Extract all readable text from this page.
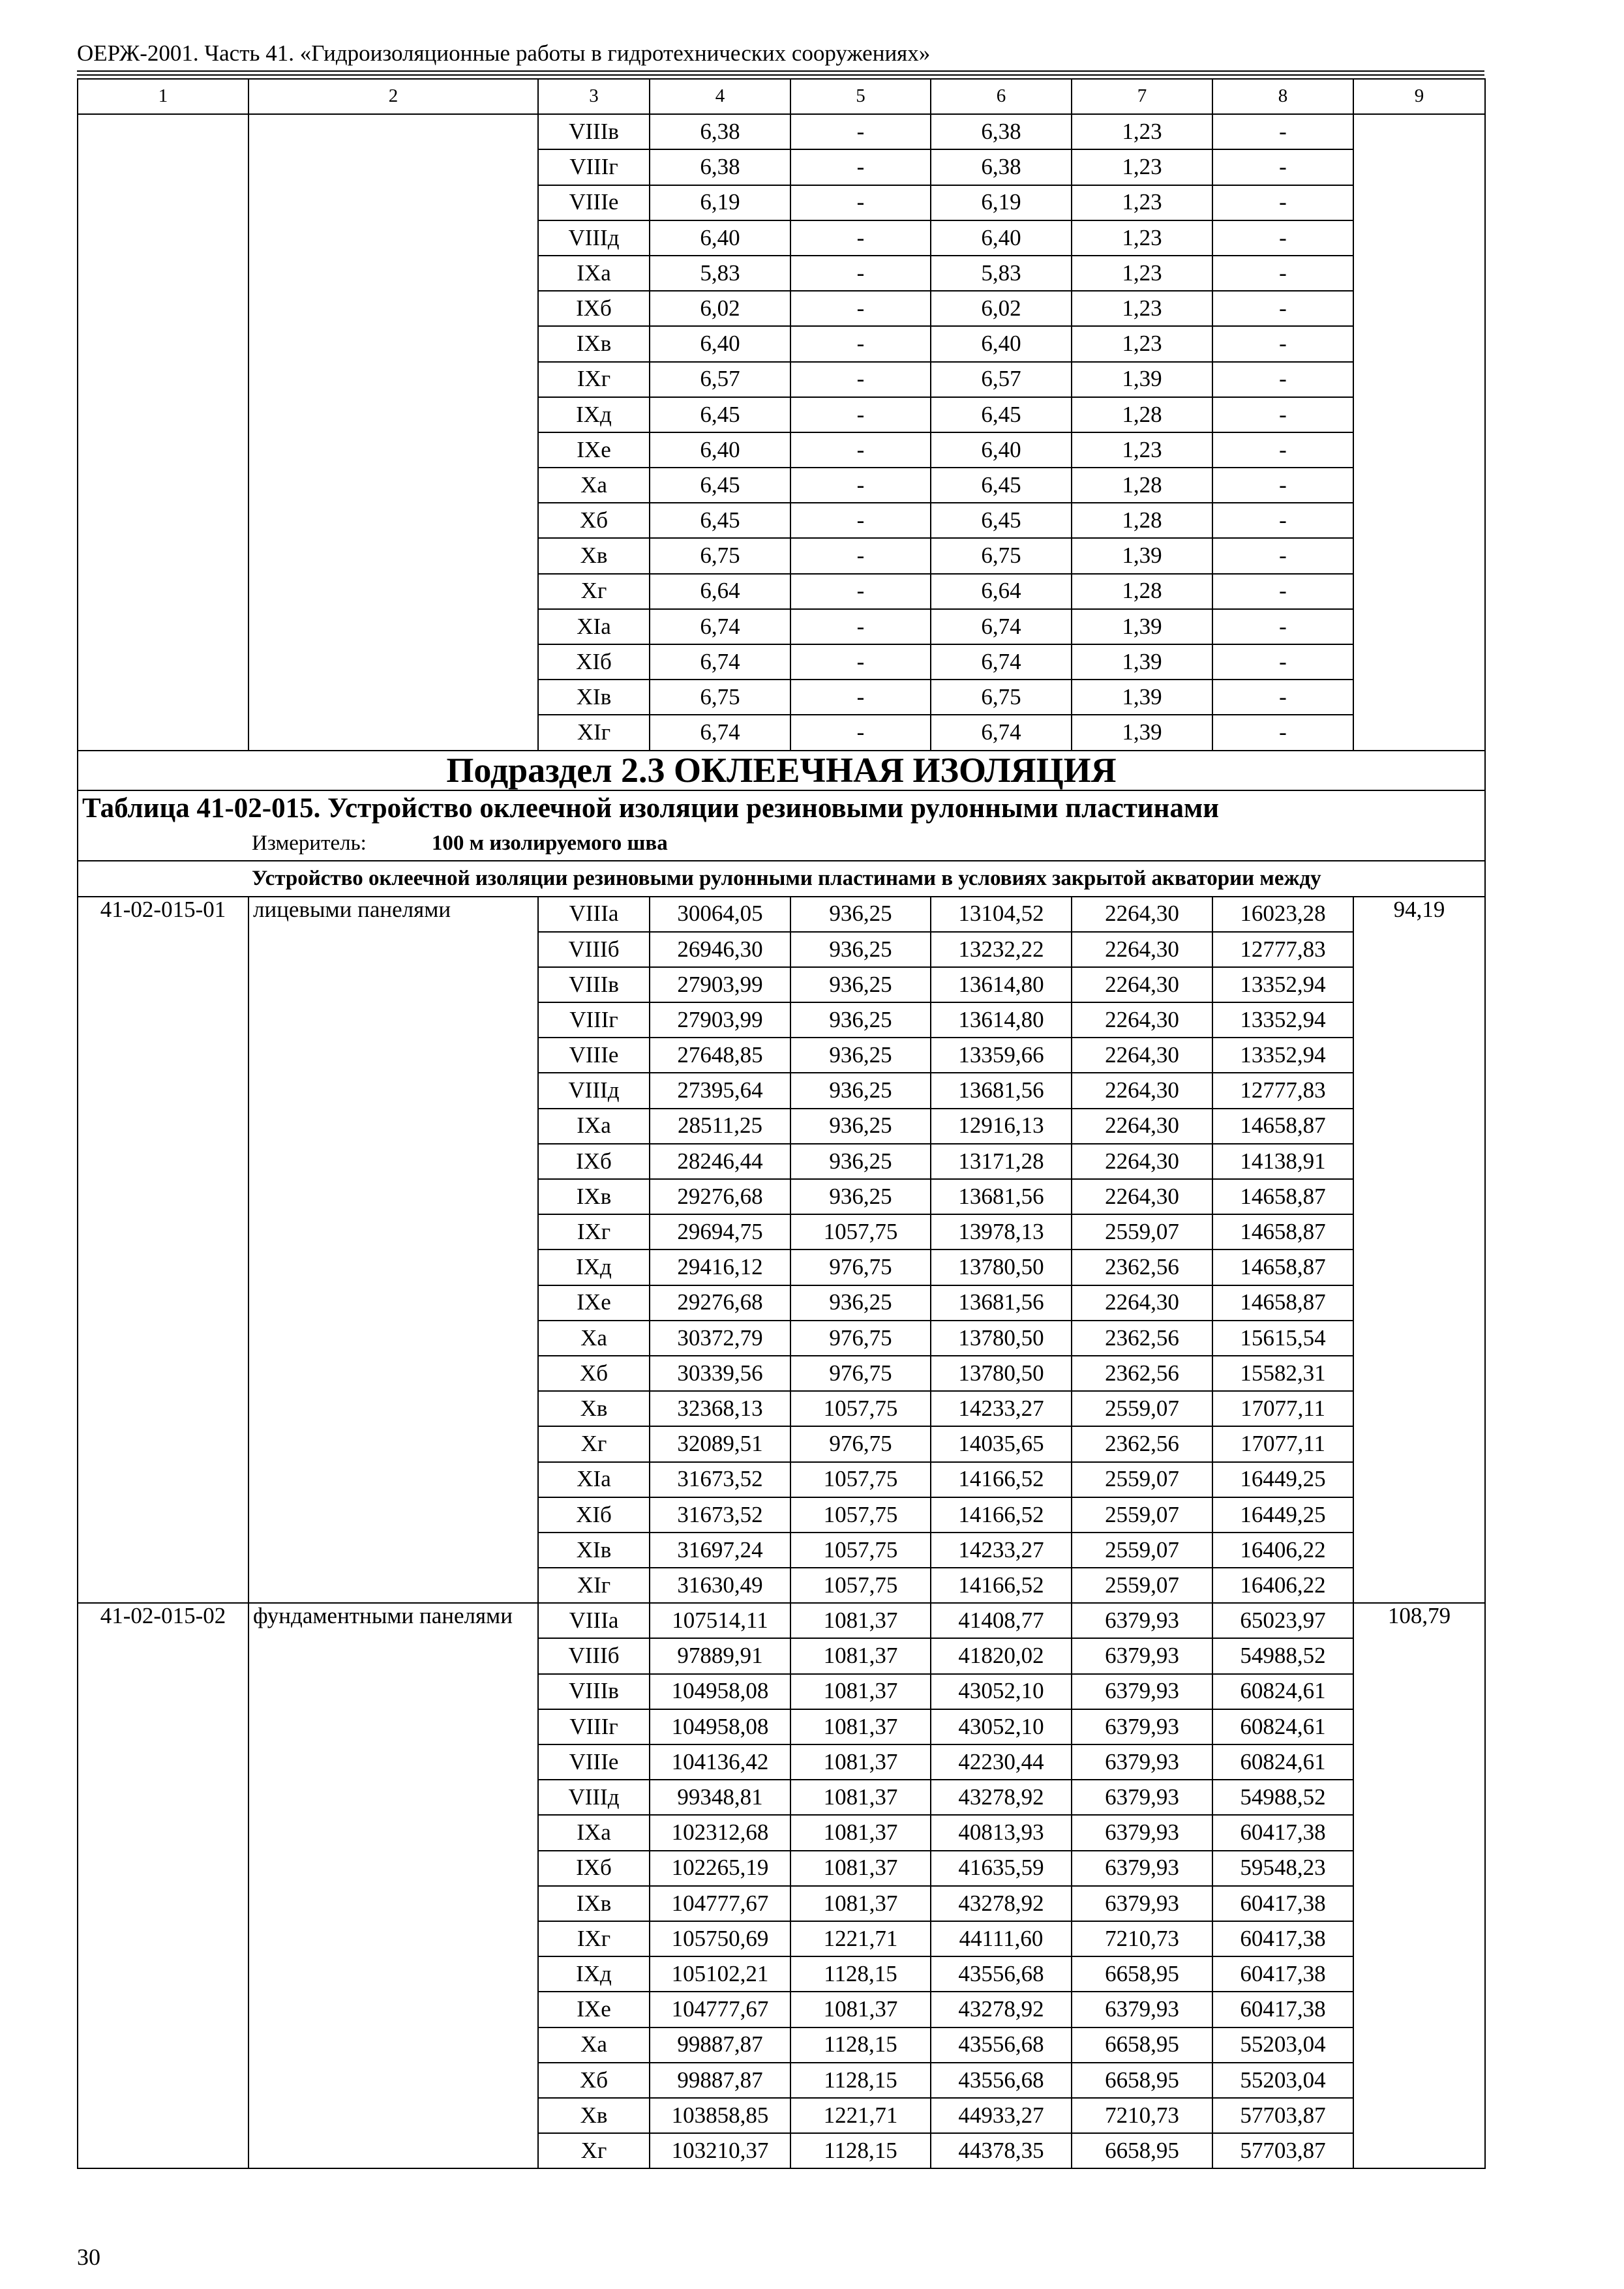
ОЕРЖ-2001. Часть 41. «Гидроизоляционные работы в гидротехнических сооружениях»
1	2	3	4	5	6	7	8	9
		VIIIв	6,38	-	6,38	1,23	-	
		VIIIг	6,38	-	6,38	1,23	-	
		VIIIе	6,19	-	6,19	1,23	-	
		VIIIд	6,40	-	6,40	1,23	-	
		IXа	5,83	-	5,83	1,23	-	
		IXб	6,02	-	6,02	1,23	-	
		IXв	6,40	-	6,40	1,23	-	
		IXг	6,57	-	6,57	1,39	-	
		IXд	6,45	-	6,45	1,28	-	
		IXе	6,40	-	6,40	1,23	-	
		Xа	6,45	-	6,45	1,28	-	
		Xб	6,45	-	6,45	1,28	-	
		Xв	6,75	-	6,75	1,39	-	
		Xг	6,64	-	6,64	1,28	-	
		XIа	6,74	-	6,74	1,39	-	
		XIб	6,74	-	6,74	1,39	-	
		XIв	6,75	-	6,75	1,39	-	
		XIг	6,74	-	6,74	1,39	-	
Подраздел 2.3 ОКЛЕЕЧНАЯ ИЗОЛЯЦИЯ								
Таблица 41-02-015. Устройство оклеечной изоляции резиновыми рулонными пластинами								
Измеритель: 100 м изолируемого шва								
Устройство оклеечной изоляции резиновыми рулонными пластинами в условиях закрытой акватории между								
41-02-015-01	лицевыми панелями	VIIIа	30064,05	936,25	13104,52	2264,30	16023,28	94,19
		VIIIб	26946,30	936,25	13232,22	2264,30	12777,83	
		VIIIв	27903,99	936,25	13614,80	2264,30	13352,94	
		VIIIг	27903,99	936,25	13614,80	2264,30	13352,94	
		VIIIе	27648,85	936,25	13359,66	2264,30	13352,94	
		VIIIд	27395,64	936,25	13681,56	2264,30	12777,83	
		IXа	28511,25	936,25	12916,13	2264,30	14658,87	
		IXб	28246,44	936,25	13171,28	2264,30	14138,91	
		IXв	29276,68	936,25	13681,56	2264,30	14658,87	
		IXг	29694,75	1057,75	13978,13	2559,07	14658,87	
		IXд	29416,12	976,75	13780,50	2362,56	14658,87	
		IXе	29276,68	936,25	13681,56	2264,30	14658,87	
		Xа	30372,79	976,75	13780,50	2362,56	15615,54	
		Xб	30339,56	976,75	13780,50	2362,56	15582,31	
		Xв	32368,13	1057,75	14233,27	2559,07	17077,11	
		Xг	32089,51	976,75	14035,65	2362,56	17077,11	
		XIа	31673,52	1057,75	14166,52	2559,07	16449,25	
		XIб	31673,52	1057,75	14166,52	2559,07	16449,25	
		XIв	31697,24	1057,75	14233,27	2559,07	16406,22	
		XIг	31630,49	1057,75	14166,52	2559,07	16406,22	
41-02-015-02	фундаментными панелями	VIIIа	107514,11	1081,37	41408,77	6379,93	65023,97	108,79
		VIIIб	97889,91	1081,37	41820,02	6379,93	54988,52	
		VIIIв	104958,08	1081,37	43052,10	6379,93	60824,61	
		VIIIг	104958,08	1081,37	43052,10	6379,93	60824,61	
		VIIIе	104136,42	1081,37	42230,44	6379,93	60824,61	
		VIIIд	99348,81	1081,37	43278,92	6379,93	54988,52	
		IXа	102312,68	1081,37	40813,93	6379,93	60417,38	
		IXб	102265,19	1081,37	41635,59	6379,93	59548,23	
		IXв	104777,67	1081,37	43278,92	6379,93	60417,38	
		IXг	105750,69	1221,71	44111,60	7210,73	60417,38	
		IXд	105102,21	1128,15	43556,68	6658,95	60417,38	
		IXе	104777,67	1081,37	43278,92	6379,93	60417,38	
		Xа	99887,87	1128,15	43556,68	6658,95	55203,04	
		Xб	99887,87	1128,15	43556,68	6658,95	55203,04	
		Xв	103858,85	1221,71	44933,27	7210,73	57703,87	
		Xг	103210,37	1128,15	44378,35	6658,95	57703,87	
30
